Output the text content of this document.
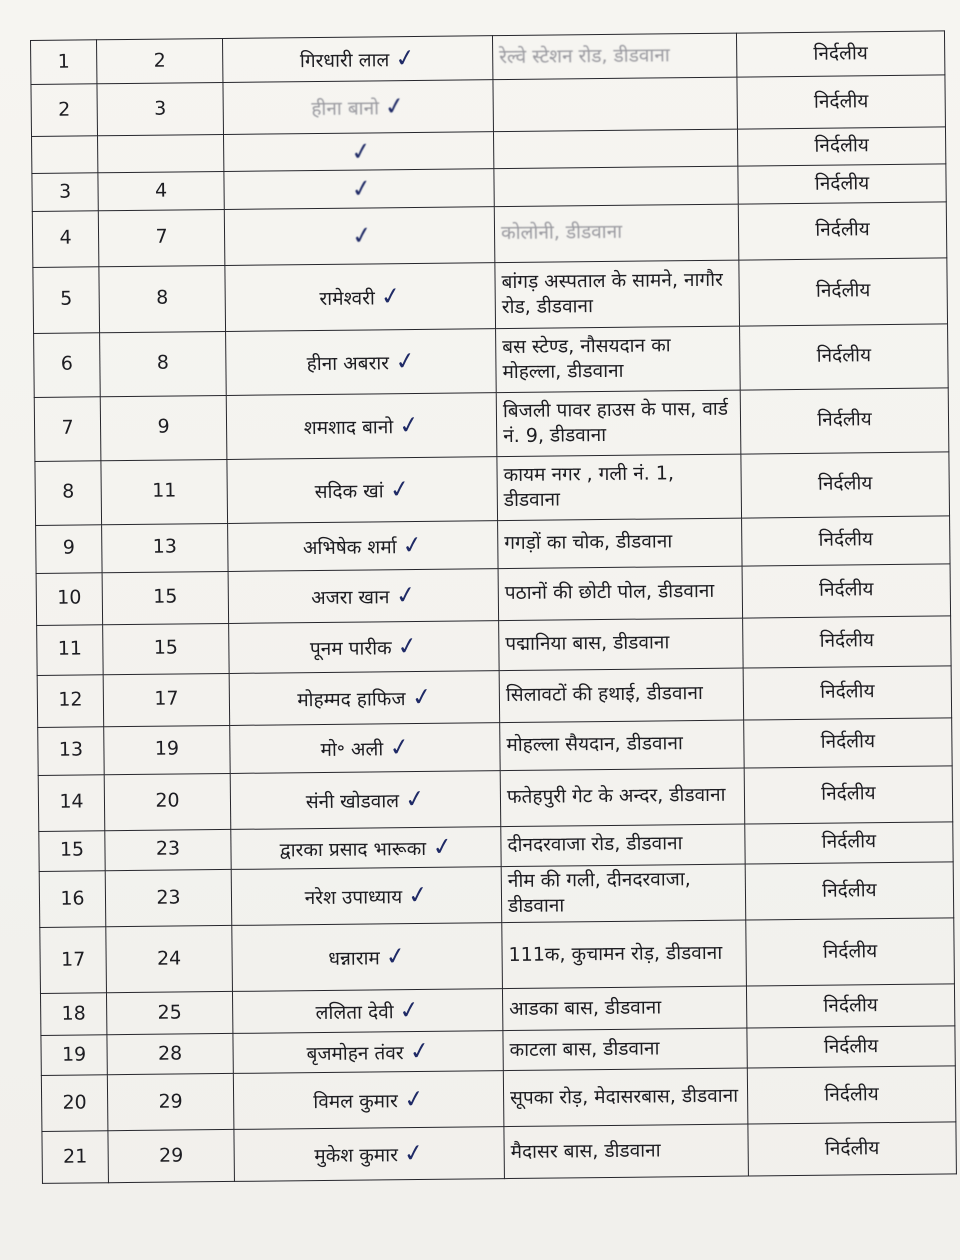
1	2	गिरधारी लाल ✓	रेल्वे स्टेशन रोड, डीडवाना	निर्दलीय
2	3	हीना बानो ✓		निर्दलीय
		✓		निर्दलीय
3	4	✓		निर्दलीय
4	7	✓	कोलोनी, डीडवाना	निर्दलीय
5	8	रामेश्वरी ✓	बांगड़ अस्पताल के सामने, नागौर रोड, डीडवाना	निर्दलीय
6	8	हीना अबरार ✓	बस स्टेण्ड, नौसयदान का मोहल्ला, डीडवाना	निर्दलीय
7	9	शमशाद बानो ✓	बिजली पावर हाउस के पास, वार्ड नं. 9, डीडवाना	निर्दलीय
8	11	सदिक खां ✓	कायम नगर , गली नं. 1, डीडवाना	निर्दलीय
9	13	अभिषेक शर्मा ✓	गगड़ों का चोक, डीडवाना	निर्दलीय
10	15	अजरा खान ✓	पठानों की छोटी पोल, डीडवाना	निर्दलीय
11	15	पूनम पारीक ✓	पद्मानिया बास, डीडवाना	निर्दलीय
12	17	मोहम्मद हाफिज ✓	सिलावटों की हथाई, डीडवाना	निर्दलीय
13	19	मो॰ अली ✓	मोहल्ला सैयदान, डीडवाना	निर्दलीय
14	20	संनी खोडवाल ✓	फतेहपुरी गेट के अन्दर, डीडवाना	निर्दलीय
15	23	द्वारका प्रसाद भारूका ✓	दीनदरवाजा रोड, डीडवाना	निर्दलीय
16	23	नरेश उपाध्याय ✓	नीम की गली, दीनदरवाजा, डीडवाना	निर्दलीय
17	24	धन्नाराम ✓	111क, कुचामन रोड़, डीडवाना	निर्दलीय
18	25	ललिता देवी ✓	आडका बास, डीडवाना	निर्दलीय
19	28	बृजमोहन तंवर ✓	काटला बास, डीडवाना	निर्दलीय
20	29	विमल कुमार ✓	सूपका रोड़, मेदासरबास, डीडवाना	निर्दलीय
21	29	मुकेश कुमार ✓	मैदासर बास, डीडवाना	निर्दलीय
